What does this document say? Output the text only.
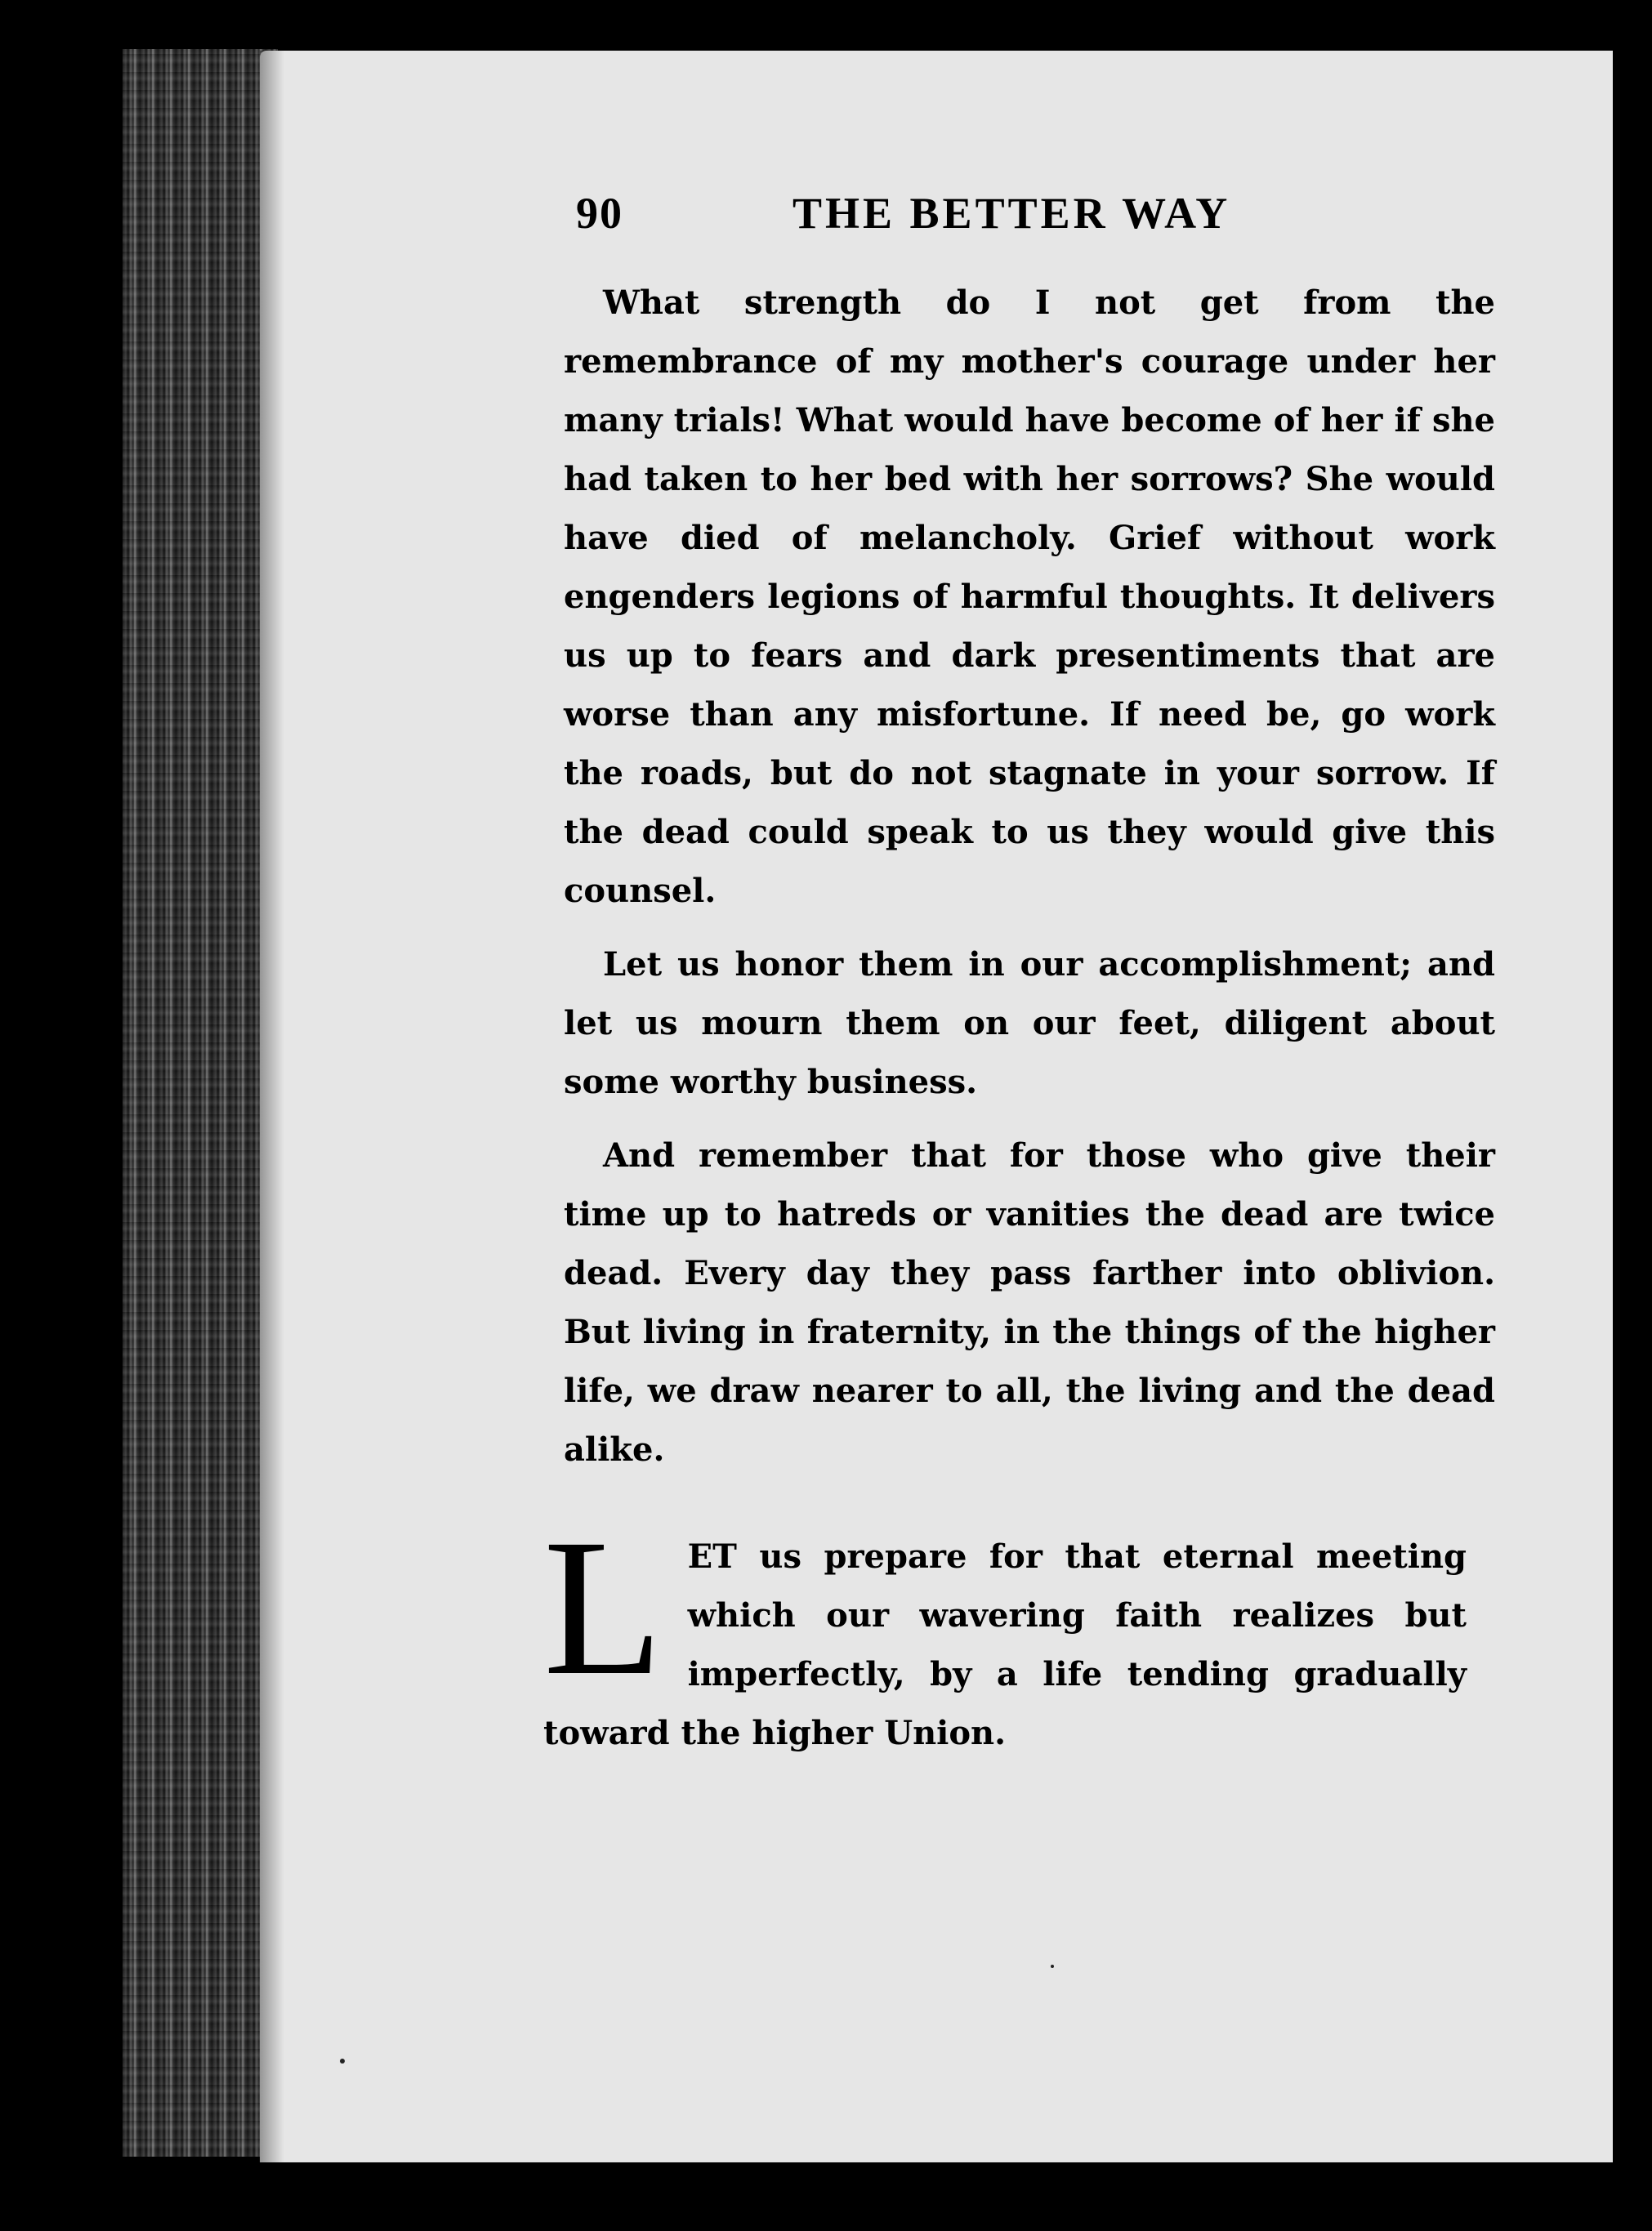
90	THE BETTER WAY

What strength do I not get from the remembrance of my mother's courage under her many trials! What would have become of her if she had taken to her bed with her sorrows? She would have died of melancholy. Grief without work engenders legions of harmful thoughts. It delivers us up to fears and dark presentiments that are worse than any misfortune. If need be, go work the roads, but do not stagnate in your sorrow. If the dead could speak to us they would give this counsel.

Let us honor them in our accomplishment; and let us mourn them on our feet, diligent about some worthy business.

And remember that for those who give their time up to hatreds or vanities the dead are twice dead. Every day they pass farther into oblivion. But living in fraternity, in the things of the higher life, we draw nearer to all, the living and the dead alike.

L ET us prepare for that eternal meeting which our wavering faith realizes but imperfectly, by a life tending gradually toward the higher Union.
